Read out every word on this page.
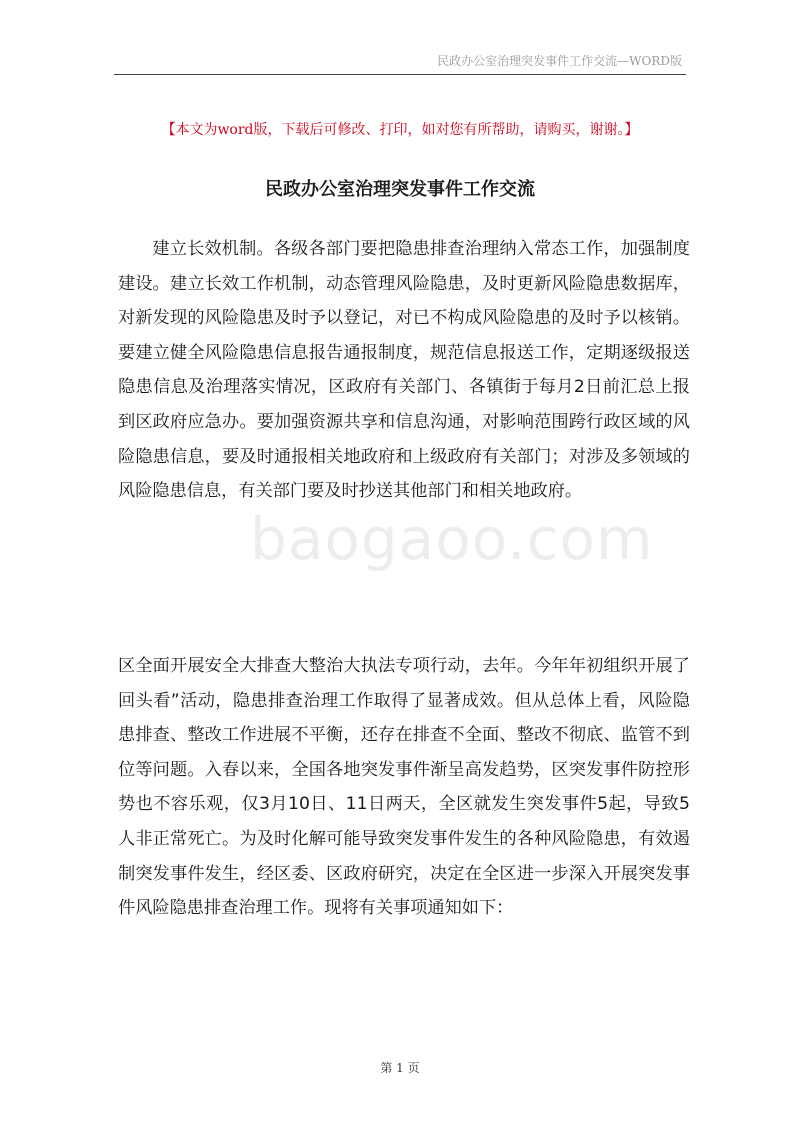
民政办公室治理突发事件工作交流—WORD版
【本文为word版，下载后可修改、打印，如对您有所帮助，请购买，谢谢。】
民政办公室治理突发事件工作交流
baogaoo.com
建立长效机制。各级各部门要把隐患排查治理纳入常态工作，加强制度建设。建立长效工作机制，动态管理风险隐患，及时更新风险隐患数据库，对新发现的风险隐患及时予以登记，对已不构成风险隐患的及时予以核销。要建立健全风险隐患信息报告通报制度，规范信息报送工作，定期逐级报送隐患信息及治理落实情况，区政府有关部门、各镇街于每月2日前汇总上报到区政府应急办。要加强资源共享和信息沟通，对影响范围跨行政区域的风险隐患信息，要及时通报相关地政府和上级政府有关部门；对涉及多领域的风险隐患信息，有关部门要及时抄送其他部门和相关地政府。
区全面开展安全大排查大整治大执法专项行动，去年。今年年初组织开展了回头看”活动，隐患排查治理工作取得了显著成效。但从总体上看，风险隐患排查、整改工作进展不平衡，还存在排查不全面、整改不彻底、监管不到位等问题。入春以来，全国各地突发事件渐呈高发趋势，区突发事件防控形势也不容乐观，仅3月10日、11日两天，全区就发生突发事件5起，导致5人非正常死亡。为及时化解可能导致突发事件发生的各种风险隐患，有效遏制突发事件发生，经区委、区政府研究，决定在全区进一步深入开展突发事件风险隐患排查治理工作。现将有关事项通知如下：
第 1 页
